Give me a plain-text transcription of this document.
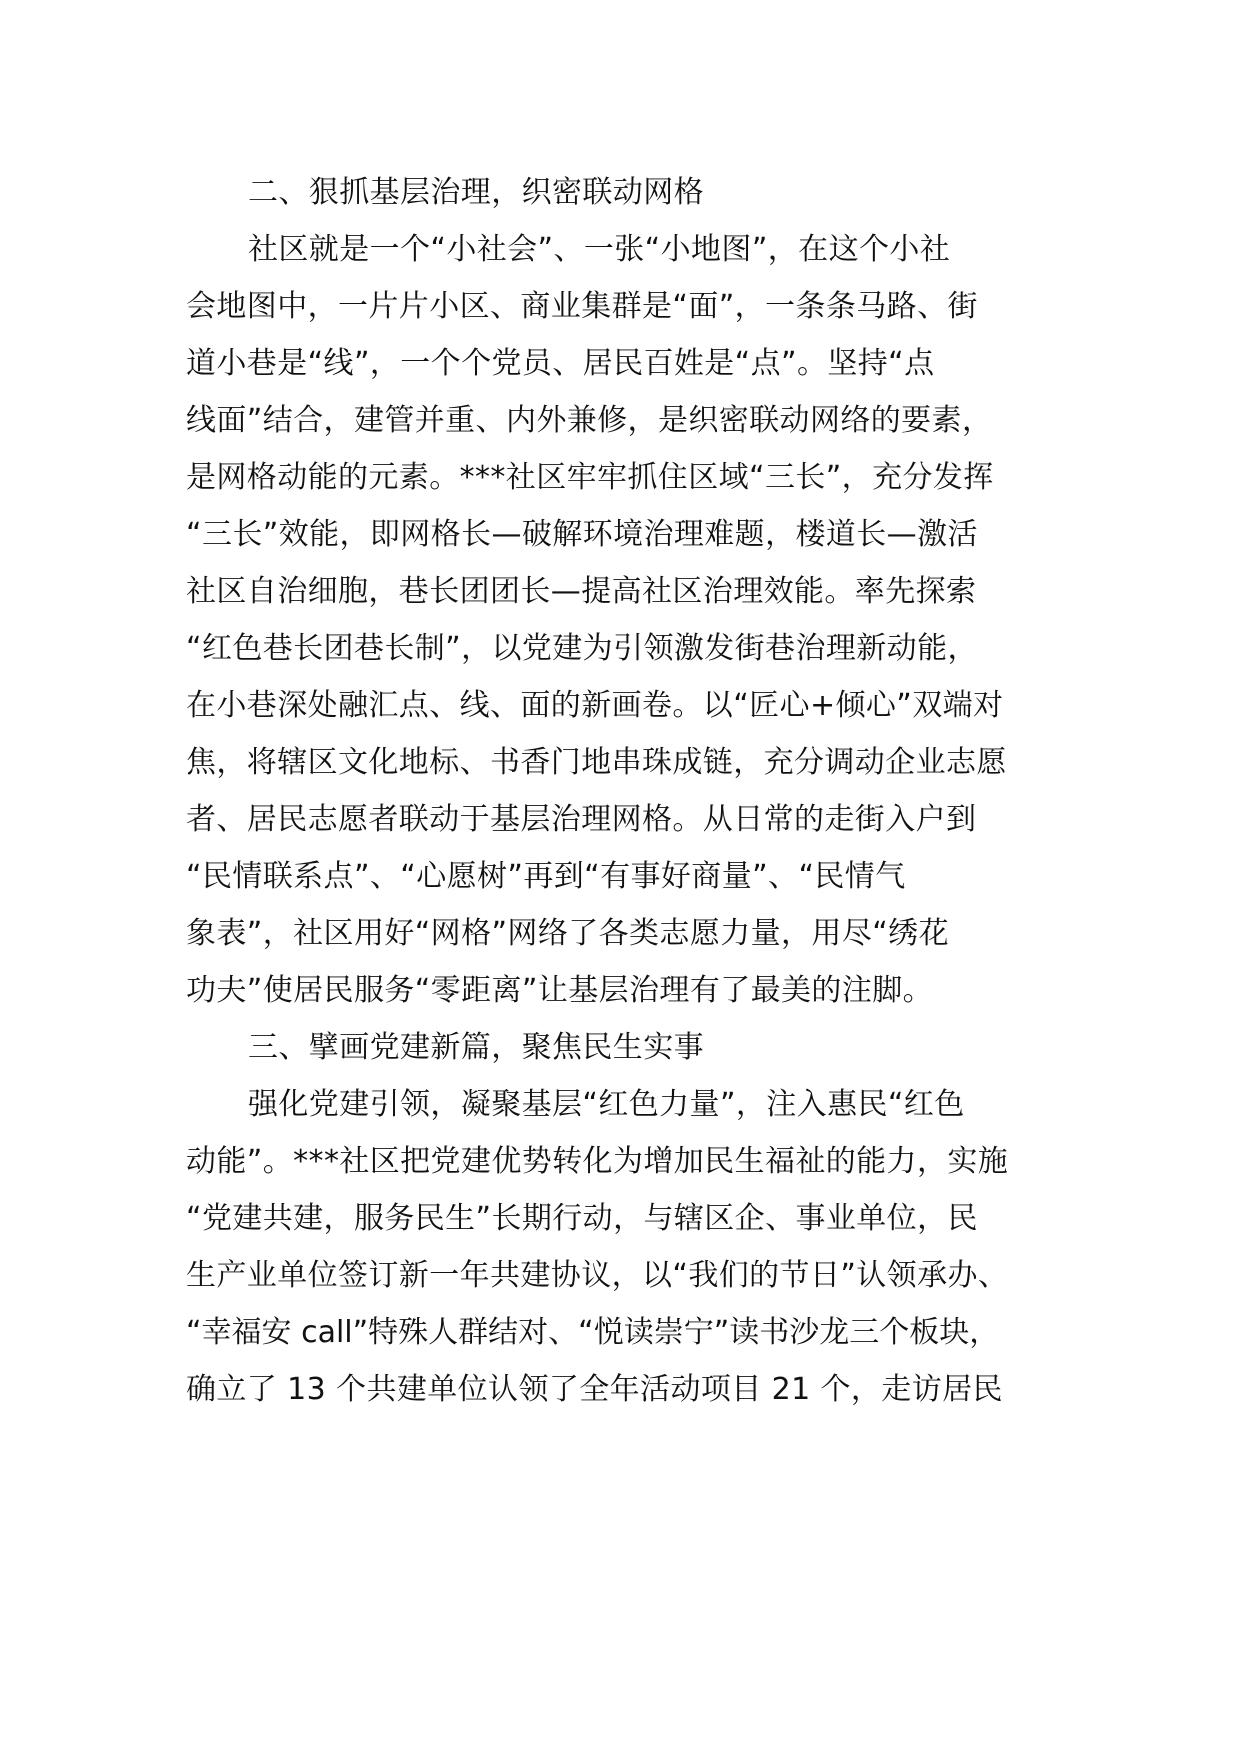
二、狠抓基层治理，织密联动网格
社区就是一个“小社会”、一张“小地图”，在这个小社
会地图中，一片片小区、商业集群是“面”，一条条马路、街
道小巷是“线”，一个个党员、居民百姓是“点”。坚持“点
线面”结合，建管并重、内外兼修，是织密联动网络的要素，
是网格动能的元素。***社区牢牢抓住区域“三长”，充分发挥
“三长”效能，即网格长—破解环境治理难题，楼道长—激活
社区自治细胞，巷长团团长—提高社区治理效能。率先探索
“红色巷长团巷长制”，以党建为引领激发街巷治理新动能，
在小巷深处融汇点、线、面的新画卷。以“匠心+倾心”双端对
焦，将辖区文化地标、书香门地串珠成链，充分调动企业志愿
者、居民志愿者联动于基层治理网格。从日常的走街入户到
“民情联系点”、“心愿树”再到“有事好商量”、“民情气
象表”，社区用好“网格”网络了各类志愿力量，用尽“绣花
功夫”使居民服务“零距离”让基层治理有了最美的注脚。
三、擘画党建新篇，聚焦民生实事
强化党建引领，凝聚基层“红色力量”，注入惠民“红色
动能”。***社区把党建优势转化为增加民生福祉的能力，实施
“党建共建，服务民生”长期行动，与辖区企、事业单位，民
生产业单位签订新一年共建协议，以“我们的节日”认领承办、
“幸福安 call”特殊人群结对、“悦读崇宁”读书沙龙三个板块，
确立了 13 个共建单位认领了全年活动项目 21 个，走访居民
